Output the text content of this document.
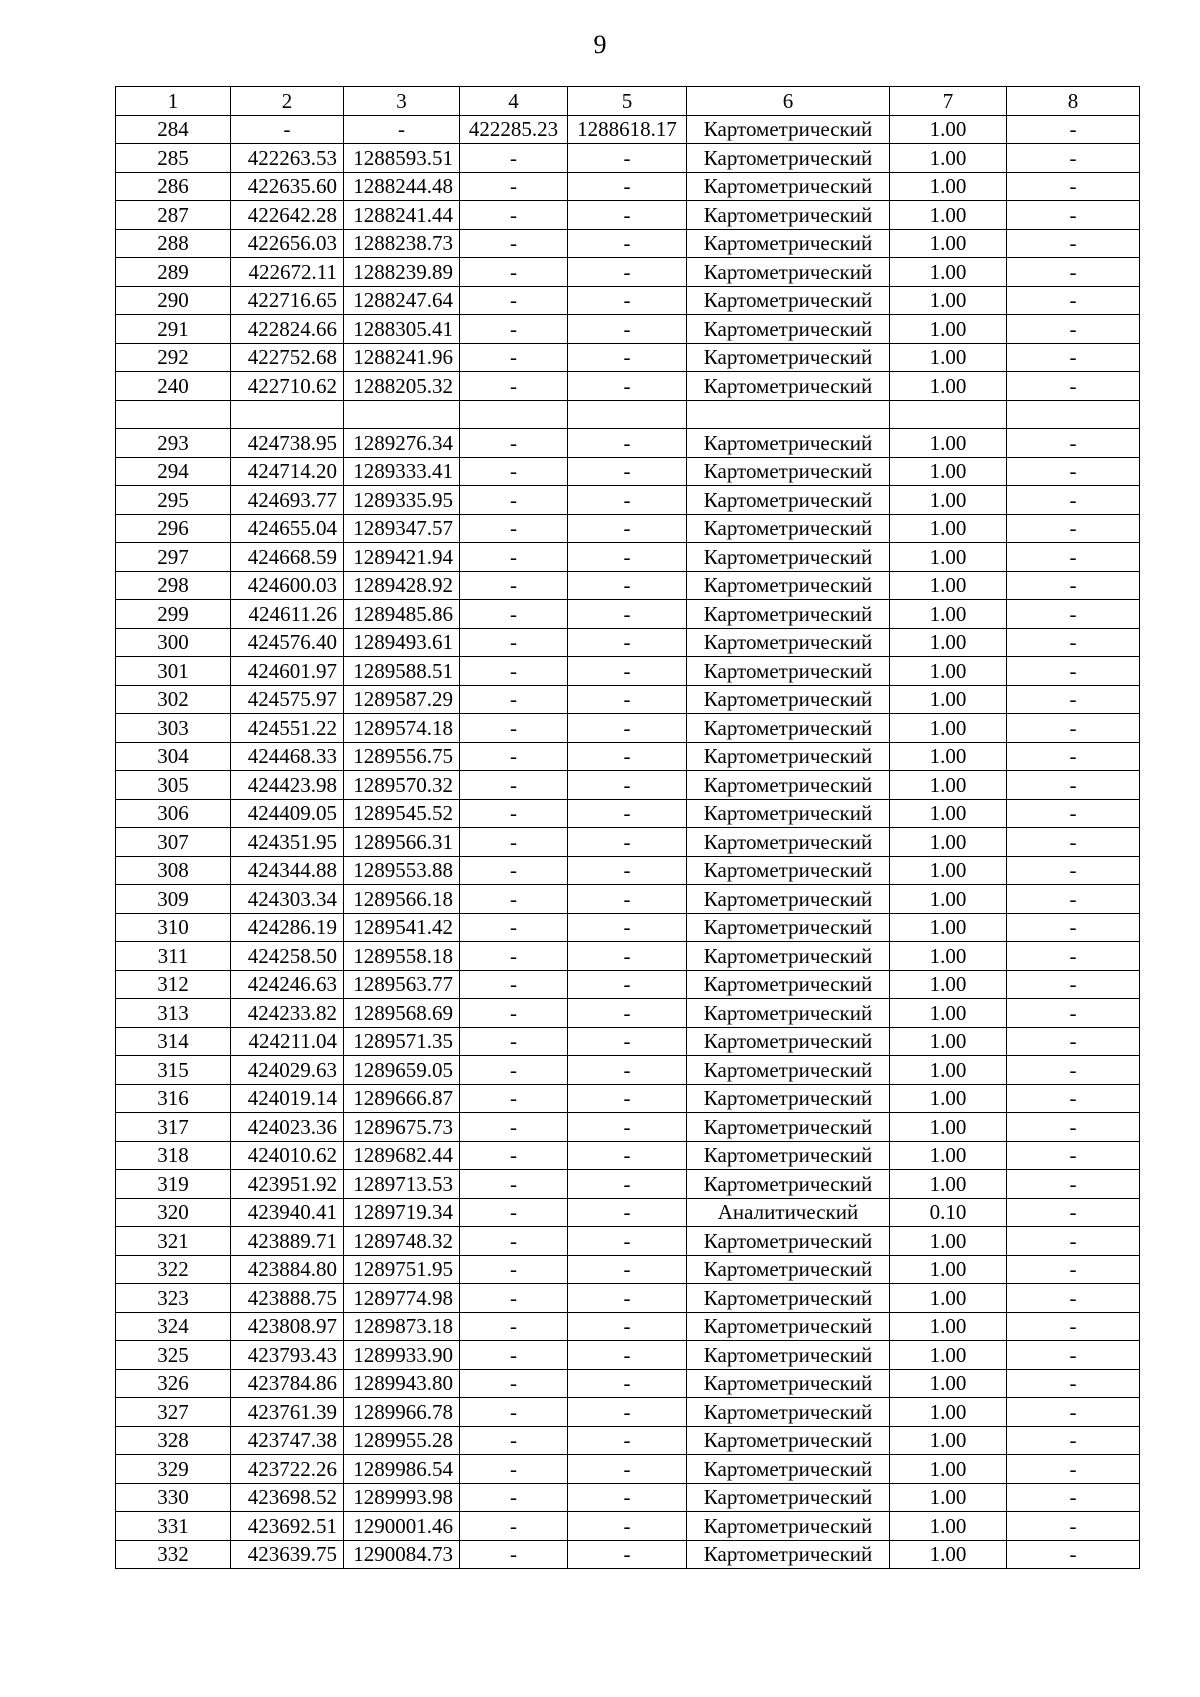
9
1	2	3	4	5	6	7	8
284	-	-	422285.23	1288618.17	Картометрический	1.00	-
285	422263.53	1288593.51	-	-	Картометрический	1.00	-
286	422635.60	1288244.48	-	-	Картометрический	1.00	-
287	422642.28	1288241.44	-	-	Картометрический	1.00	-
288	422656.03	1288238.73	-	-	Картометрический	1.00	-
289	422672.11	1288239.89	-	-	Картометрический	1.00	-
290	422716.65	1288247.64	-	-	Картометрический	1.00	-
291	422824.66	1288305.41	-	-	Картометрический	1.00	-
292	422752.68	1288241.96	-	-	Картометрический	1.00	-
240	422710.62	1288205.32	-	-	Картометрический	1.00	-

293	424738.95	1289276.34	-	-	Картометрический	1.00	-
294	424714.20	1289333.41	-	-	Картометрический	1.00	-
295	424693.77	1289335.95	-	-	Картометрический	1.00	-
296	424655.04	1289347.57	-	-	Картометрический	1.00	-
297	424668.59	1289421.94	-	-	Картометрический	1.00	-
298	424600.03	1289428.92	-	-	Картометрический	1.00	-
299	424611.26	1289485.86	-	-	Картометрический	1.00	-
300	424576.40	1289493.61	-	-	Картометрический	1.00	-
301	424601.97	1289588.51	-	-	Картометрический	1.00	-
302	424575.97	1289587.29	-	-	Картометрический	1.00	-
303	424551.22	1289574.18	-	-	Картометрический	1.00	-
304	424468.33	1289556.75	-	-	Картометрический	1.00	-
305	424423.98	1289570.32	-	-	Картометрический	1.00	-
306	424409.05	1289545.52	-	-	Картометрический	1.00	-
307	424351.95	1289566.31	-	-	Картометрический	1.00	-
308	424344.88	1289553.88	-	-	Картометрический	1.00	-
309	424303.34	1289566.18	-	-	Картометрический	1.00	-
310	424286.19	1289541.42	-	-	Картометрический	1.00	-
311	424258.50	1289558.18	-	-	Картометрический	1.00	-
312	424246.63	1289563.77	-	-	Картометрический	1.00	-
313	424233.82	1289568.69	-	-	Картометрический	1.00	-
314	424211.04	1289571.35	-	-	Картометрический	1.00	-
315	424029.63	1289659.05	-	-	Картометрический	1.00	-
316	424019.14	1289666.87	-	-	Картометрический	1.00	-
317	424023.36	1289675.73	-	-	Картометрический	1.00	-
318	424010.62	1289682.44	-	-	Картометрический	1.00	-
319	423951.92	1289713.53	-	-	Картометрический	1.00	-
320	423940.41	1289719.34	-	-	Аналитический	0.10	-
321	423889.71	1289748.32	-	-	Картометрический	1.00	-
322	423884.80	1289751.95	-	-	Картометрический	1.00	-
323	423888.75	1289774.98	-	-	Картометрический	1.00	-
324	423808.97	1289873.18	-	-	Картометрический	1.00	-
325	423793.43	1289933.90	-	-	Картометрический	1.00	-
326	423784.86	1289943.80	-	-	Картометрический	1.00	-
327	423761.39	1289966.78	-	-	Картометрический	1.00	-
328	423747.38	1289955.28	-	-	Картометрический	1.00	-
329	423722.26	1289986.54	-	-	Картометрический	1.00	-
330	423698.52	1289993.98	-	-	Картометрический	1.00	-
331	423692.51	1290001.46	-	-	Картометрический	1.00	-
332	423639.75	1290084.73	-	-	Картометрический	1.00	-
